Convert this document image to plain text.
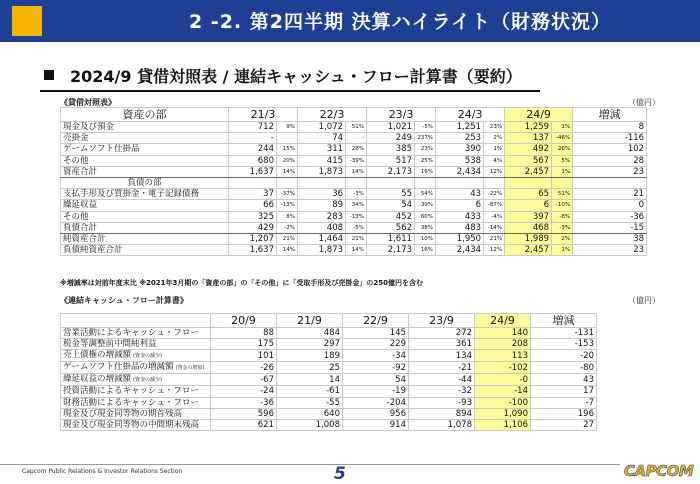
2 -2. 第2四半期 決算ハイライト（財務状況）
2024/9 貸借対照表 / 連結キャッシュ・フロー計算書（要約）
《貸借対照表》	（億円）
資産の部	21/3		22/3		23/3		24/3		24/9		増減
現金及び預金	712	9%	1,072	51%	1,021	-5%	1,251	23%	1,259	1%	8
売掛金	-		74	-	249	237%	253	2%	137	-46%	-116
ゲームソフト仕掛品	244	15%	311	28%	385	23%	390	1%	492	26%	102
その他	680	20%	415	-39%	517	25%	538	4%	567	5%	28
資産合計	1,637	14%	1,873	14%	2,173	16%	2,434	12%	2,457	1%	23
負債の部											
支払手形及び買掛金・電子記録債務	37	-37%	36	-3%	55	54%	43	-22%	65	51%	21
繰延収益	66	-13%	89	34%	54	-39%	6	-87%	6	-10%	0
その他	325	8%	283	-13%	452	60%	433	-4%	397	-8%	-36
負債合計	429	-2%	408	-5%	562	38%	483	-14%	468	-3%	-15
純資産合計	1,207	21%	1,464	21%	1,611	10%	1,950	21%	1,989	2%	38
負債純資産合計	1,637	14%	1,873	14%	2,173	16%	2,434	12%	2,457	1%	23
※増減率は対前年度末比 ※2021年3月期の「資産の部」の「その他」に「受取手形及び売掛金」の250億円を含む
《連結キャッシュ・フロー計算書》	（億円）
	20/9	21/9	22/9	23/9	24/9	増減
営業活動によるキャッシュ・フロー	88	484	145	272	140	-131
税金等調整前中間純利益	175	297	229	361	208	-153
売上債権の増減額 (資金の減少)	101	189	-34	134	113	-20
ゲームソフト仕掛品の増減額 (資金の増加)	-26	25	-92	-21	-102	-80
繰延収益の増減額 (資金の減少)	-67	14	54	-44	-0	43
投資活動によるキャッシュ・フロー	-24	-61	-19	-32	-14	17
財務活動によるキャッシュ・フロー	-36	-55	-204	-93	-100	-7
現金及び現金同等物の期首残高	596	640	956	894	1,090	196
現金及び現金同等物の中間期末残高	621	1,008	914	1,078	1,106	27
Capcom Public Relations & Investor Relations Section	5	CAPCOM
